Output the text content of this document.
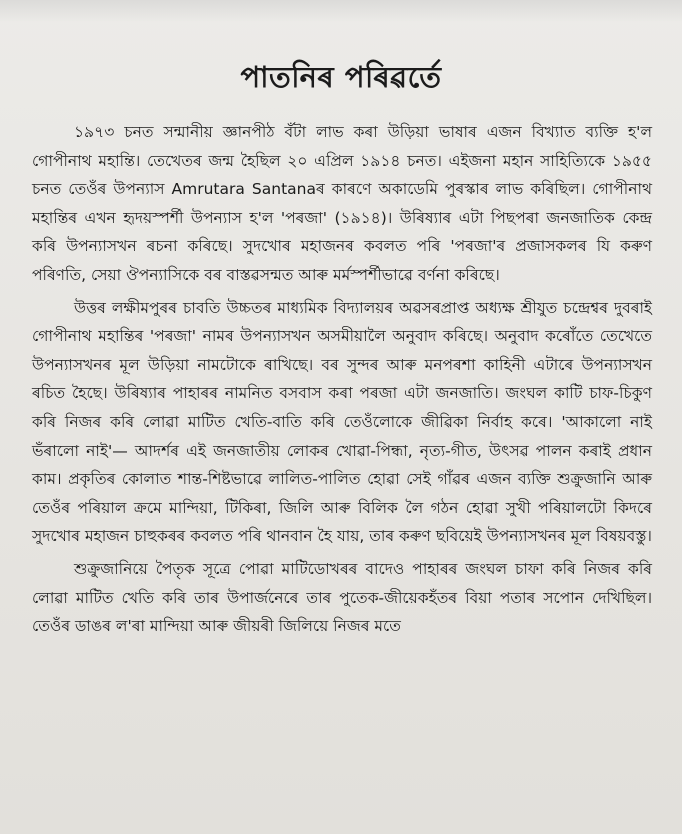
পাতনিৰ পৰিৱৰ্তে

১৯৭৩ চনত সন্মানীয় জ্ঞানপীঠ বঁটা লাভ কৰা উড়িয়া ভাষাৰ এজন বিখ্যাত ব্যক্তি হ'ল গোপীনাথ মহান্তি। তেখেতৰ জন্ম হৈছিল ২০ এপ্ৰিল ১৯১৪ চনত। এইজনা মহান সাহিত্যিকে ১৯৫৫ চনত তেওঁৰ উপন্যাস Amrutara Santanaৰ কাৰণে অকাডেমি পুৰস্কাৰ লাভ কৰিছিল। গোপীনাথ মহান্তিৰ এখন হৃদয়স্পৰ্শী উপন্যাস হ'ল 'পৰজা' (১৯১৪)। উৰিষ্যাৰ এটা পিছপৰা জনজাতিক কেন্দ্ৰ কৰি উপন্যাসখন ৰচনা কৰিছে। সুদখোৰ মহাজনৰ কবলত পৰি 'পৰজা'ৰ প্ৰজাসকলৰ যি কৰুণ পৰিণতি, সেয়া ঔপন্যাসিকে বৰ বাস্তৱসন্মত আৰু মৰ্মস্পৰ্শীভাৱে বৰ্ণনা কৰিছে।

উত্তৰ লক্ষীমপুৰৰ চাবতি উচ্চতৰ মাধ্যমিক বিদ্যালয়ৰ অৱসৰপ্ৰাপ্ত অধ্যক্ষ শ্ৰীযুত চন্দ্ৰেশ্বৰ দুবৰাই গোপীনাথ মহান্তিৰ 'পৰজা' নামৰ উপন্যাসখন অসমীয়ালৈ অনুবাদ কৰিছে। অনুবাদ কৰোঁতে তেখেতে উপন্যাসখনৰ মূল উড়িয়া নামটোকে ৰাখিছে। বৰ সুন্দৰ আৰু মনপৰশা কাহিনী এটাৰে উপন্যাসখন ৰচিত হৈছে। উৰিষ্যাৰ পাহাৰৰ নামনিত বসবাস কৰা পৰজা এটা জনজাতি। জংঘল কাটি চাফ-চিকুণ কৰি নিজৰ কৰি লোৱা মাটিত খেতি-বাতি কৰি তেওঁলোকে জীৱিকা নিৰ্বাহ কৰে। 'আকালো নাই ভঁৰালো নাই'— আদৰ্শৰ এই জনজাতীয় লোকৰ খোৱা-পিন্ধা, নৃত্য-গীত, উৎসৱ পালন কৰাই প্ৰধান কাম। প্ৰকৃতিৰ কোলাত শান্ত-শিষ্টভাৱে লালিত-পালিত হোৱা সেই গাঁৱৰ এজন ব্যক্তি শুক্ৰুজানি আৰু তেওঁৰ পৰিয়াল ক্ৰমে মান্দিয়া, টিকিৰা, জিলি আৰু বিলিক লৈ গঠন হোৱা সুখী পৰিয়ালটো কিদৰে সুদখোৰ মহাজন চাহুকৰৰ কবলত পৰি থানবান হৈ যায়, তাৰ কৰুণ ছবিয়েই উপন্যাসখনৰ মূল বিষয়বস্তু।

শুক্ৰুজানিয়ে পৈতৃক সূত্ৰে পোৱা মাটিডোখৰৰ বাদেও পাহাৰৰ জংঘল চাফা কৰি নিজৰ কৰি লোৱা মাটিত খেতি কৰি তাৰ উপাৰ্জনেৰে তাৰ পুতেক-জীয়েকহঁতৰ বিয়া পতাৰ সপোন দেখিছিল। তেওঁৰ ডাঙৰ ল'ৰা মান্দিয়া আৰু জীয়ৰী জিলিয়ে নিজৰ মতে
